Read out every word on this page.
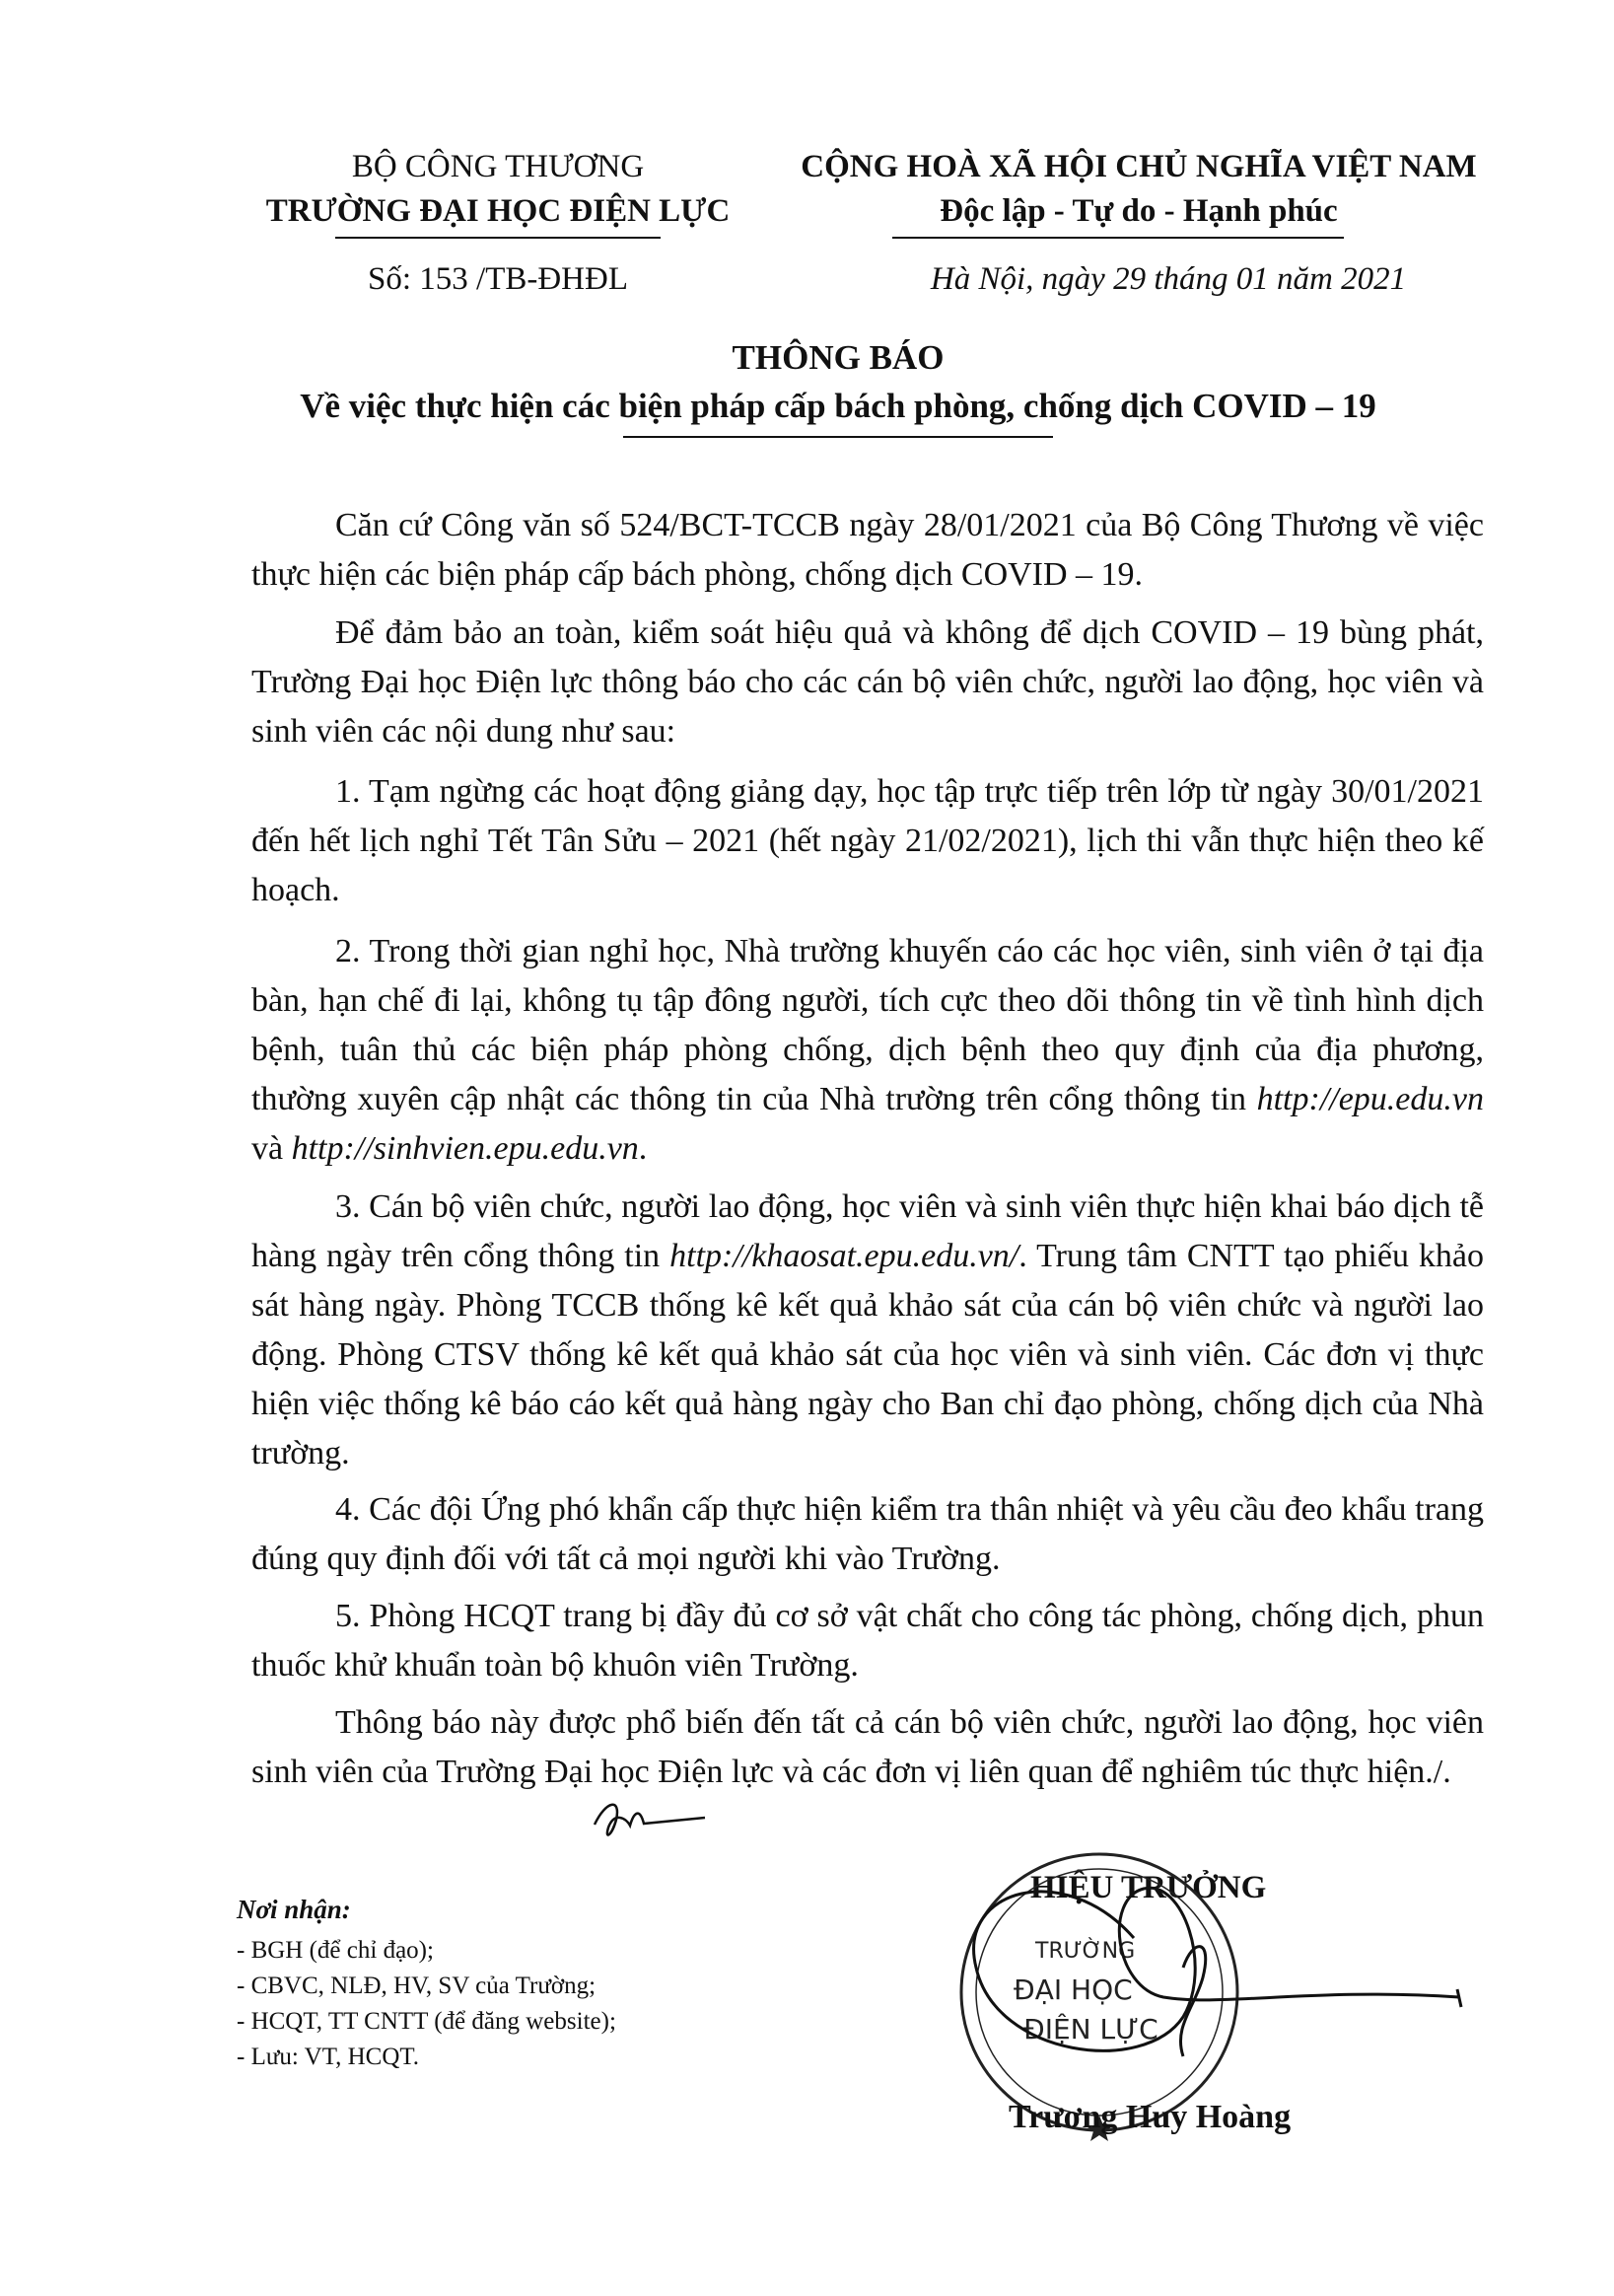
BỘ CÔNG THƯƠNG
TRƯỜNG ĐẠI HỌC ĐIỆN LỰC
Số: 153 /TB-ĐHĐL
CỘNG HOÀ XÃ HỘI CHỦ NGHĨA VIỆT NAM
Độc lập - Tự do - Hạnh phúc
Hà Nội, ngày 29 tháng 01 năm 2021
THÔNG BÁO
Về việc thực hiện các biện pháp cấp bách phòng, chống dịch COVID – 19
Căn cứ Công văn số 524/BCT-TCCB ngày 28/01/2021 của Bộ Công Thương về việc thực hiện các biện pháp cấp bách phòng, chống dịch COVID – 19.
Để đảm bảo an toàn, kiểm soát hiệu quả và không để dịch COVID – 19 bùng phát, Trường Đại học Điện lực thông báo cho các cán bộ viên chức, người lao động, học viên và sinh viên các nội dung như sau:
1. Tạm ngừng các hoạt động giảng dạy, học tập trực tiếp trên lớp từ ngày 30/01/2021 đến hết lịch nghỉ Tết Tân Sửu – 2021 (hết ngày 21/02/2021), lịch thi vẫn thực hiện theo kế hoạch.
2. Trong thời gian nghỉ học, Nhà trường khuyến cáo các học viên, sinh viên ở tại địa bàn, hạn chế đi lại, không tụ tập đông người, tích cực theo dõi thông tin về tình hình dịch bệnh, tuân thủ các biện pháp phòng chống, dịch bệnh theo quy định của địa phương, thường xuyên cập nhật các thông tin của Nhà trường trên cổng thông tin http://epu.edu.vn và http://sinhvien.epu.edu.vn.
3. Cán bộ viên chức, người lao động, học viên và sinh viên thực hiện khai báo dịch tễ hàng ngày trên cổng thông tin http://khaosat.epu.edu.vn/. Trung tâm CNTT tạo phiếu khảo sát hàng ngày. Phòng TCCB thống kê kết quả khảo sát của cán bộ viên chức và người lao động. Phòng CTSV thống kê kết quả khảo sát của học viên và sinh viên. Các đơn vị thực hiện việc thống kê báo cáo kết quả hàng ngày cho Ban chỉ đạo phòng, chống dịch của Nhà trường.
4. Các đội Ứng phó khẩn cấp thực hiện kiểm tra thân nhiệt và yêu cầu đeo khẩu trang đúng quy định đối với tất cả mọi người khi vào Trường.
5. Phòng HCQT trang bị đầy đủ cơ sở vật chất cho công tác phòng, chống dịch, phun thuốc khử khuẩn toàn bộ khuôn viên Trường.
Thông báo này được phổ biến đến tất cả cán bộ viên chức, người lao động, học viên sinh viên của Trường Đại học Điện lực và các đơn vị liên quan để nghiêm túc thực hiện./.
Nơi nhận:
- BGH (để chỉ đạo);
- CBVC, NLĐ, HV, SV của Trường;
- HCQT, TT CNTT (để đăng website);
- Lưu: VT, HCQT.
HIỆU TRƯỞNG
TRƯỜNG
ĐẠI HỌC
ĐIỆN LỰC
Trương Huy Hoàng
